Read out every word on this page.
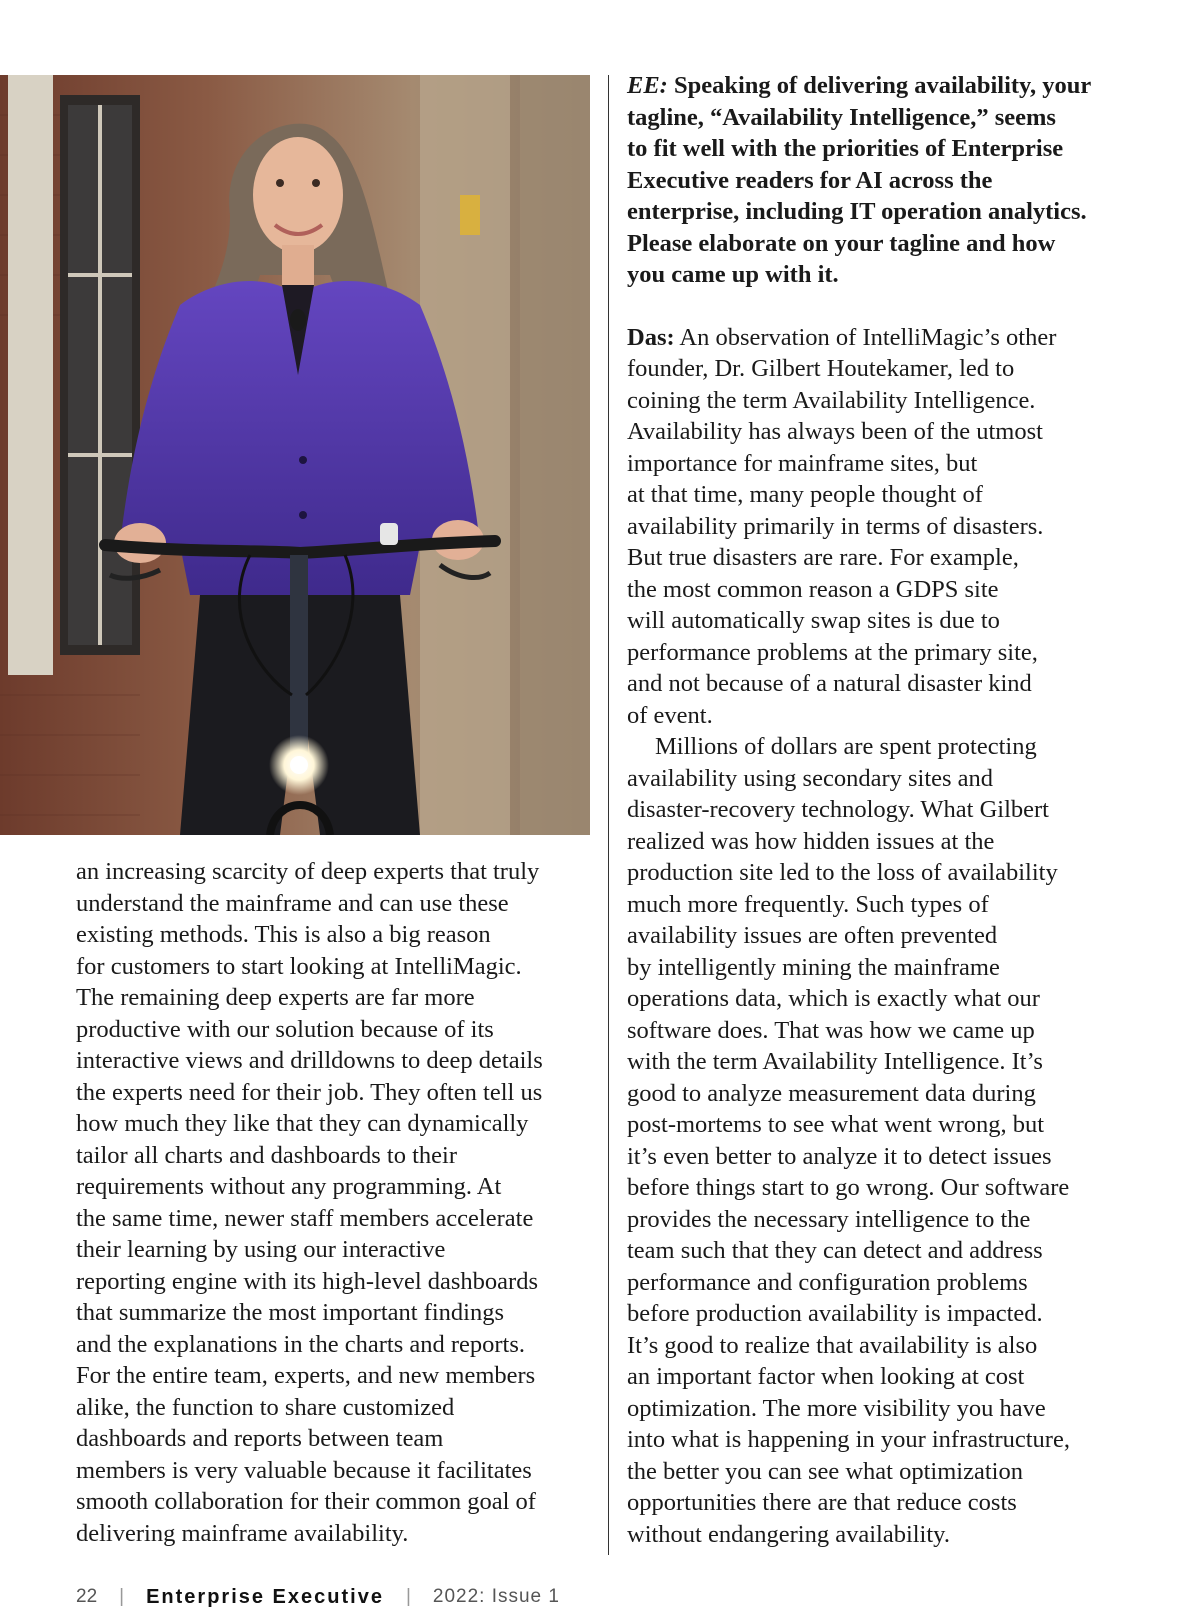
an increasing scarcity of deep experts that truly
understand the mainframe and can use these
existing methods. This is also a big reason
for customers to start looking at IntelliMagic.
The remaining deep experts are far more
productive with our solution because of its
interactive views and drilldowns to deep details
the experts need for their job. They often tell us
how much they like that they can dynamically
tailor all charts and dashboards to their
requirements without any programming. At
the same time, newer staff members accelerate
their learning by using our interactive
reporting engine with its high-level dashboards
that summarize the most important findings
and the explanations in the charts and reports.
For the entire team, experts, and new members
alike, the function to share customized
dashboards and reports between team
members is very valuable because it facilitates
smooth collaboration for their common goal of
delivering mainframe availability.

EE: Speaking of delivering availability, your
tagline, “Availability Intelligence,” seems
to fit well with the priorities of Enterprise
Executive readers for AI across the
enterprise, including IT operation analytics.
Please elaborate on your tagline and how
you came up with it.

Das: An observation of IntelliMagic’s other
founder, Dr. Gilbert Houtekamer, led to
coining the term Availability Intelligence.
Availability has always been of the utmost
importance for mainframe sites, but
at that time, many people thought of
availability primarily in terms of disasters.
But true disasters are rare. For example,
the most common reason a GDPS site
will automatically swap sites is due to
performance problems at the primary site,
and not because of a natural disaster kind
of event.
Millions of dollars are spent protecting
availability using secondary sites and
disaster-recovery technology. What Gilbert
realized was how hidden issues at the
production site led to the loss of availability
much more frequently. Such types of
availability issues are often prevented
by intelligently mining the mainframe
operations data, which is exactly what our
software does. That was how we came up
with the term Availability Intelligence. It’s
good to analyze measurement data during
post-mortems to see what went wrong, but
it’s even better to analyze it to detect issues
before things start to go wrong. Our software
provides the necessary intelligence to the
team such that they can detect and address
performance and configuration problems
before production availability is impacted.
It’s good to realize that availability is also
an important factor when looking at cost
optimization. The more visibility you have
into what is happening in your infrastructure,
the better you can see what optimization
opportunities there are that reduce costs
without endangering availability.

22 | Enterprise Executive | 2022: Issue 1
